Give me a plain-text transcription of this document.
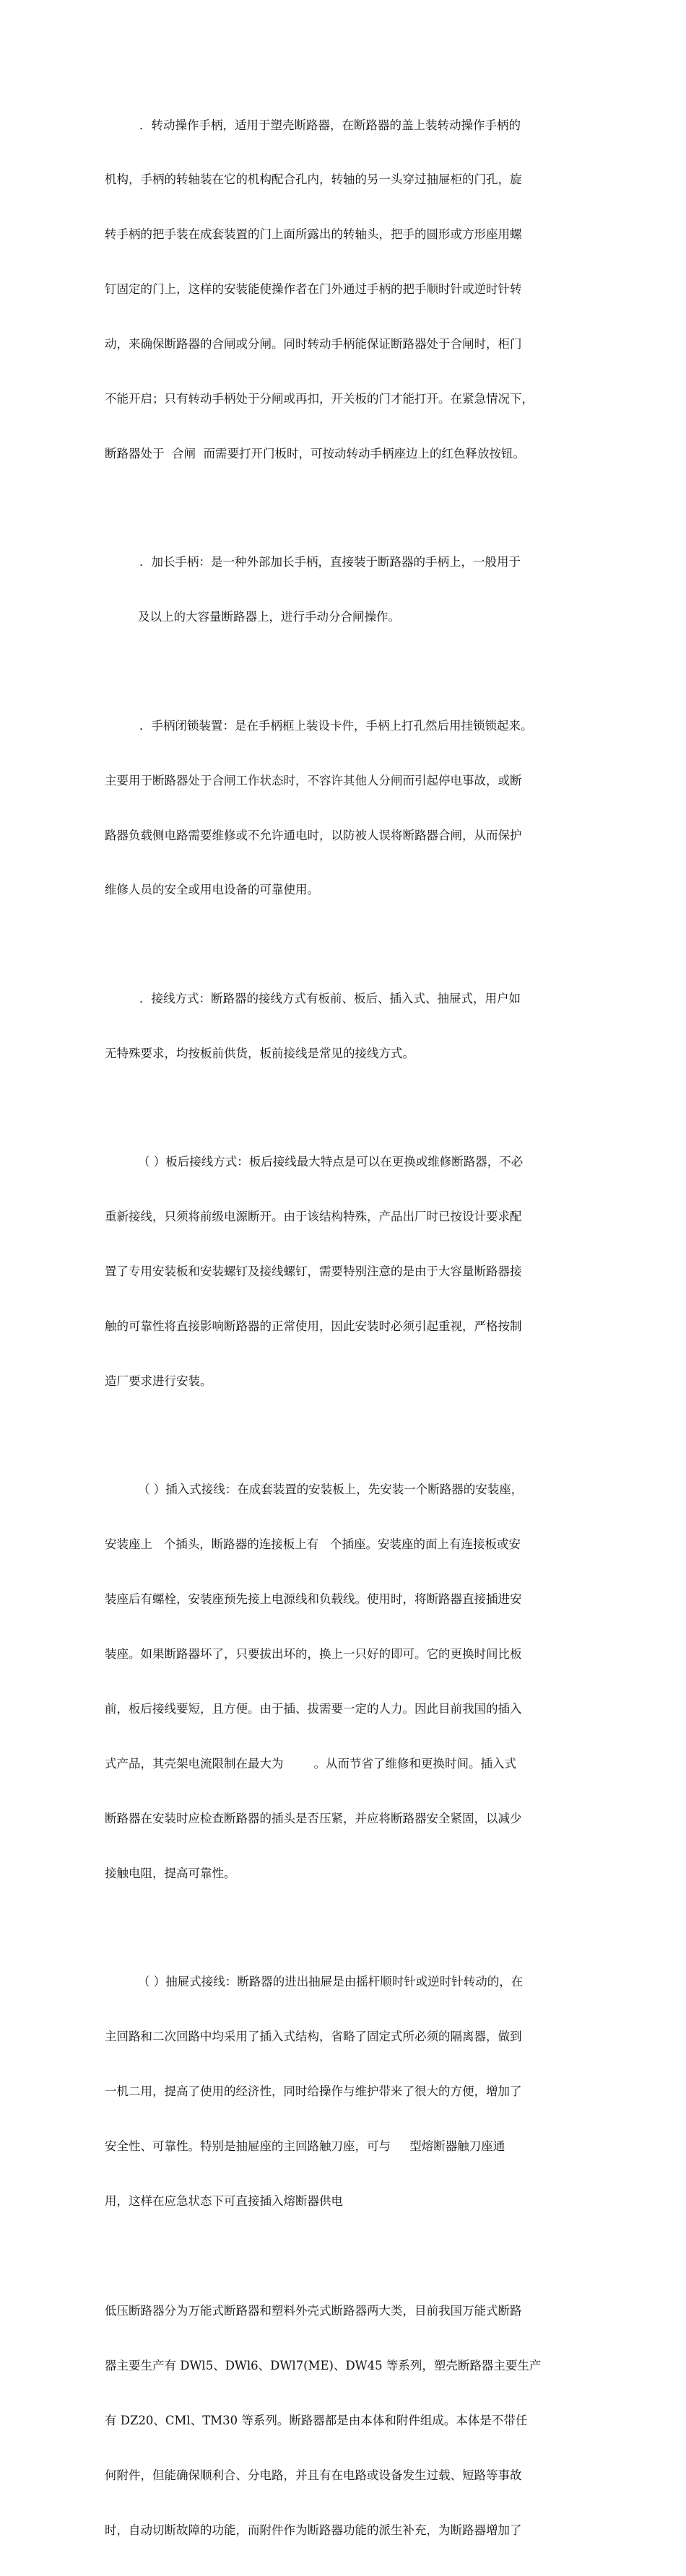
．转动操作手柄，适用于塑壳断路器，在断路器的盖上装转动操作手柄的

机构，手柄的转轴装在它的机构配合孔内，转轴的另一头穿过抽屉柜的门孔，旋

转手柄的把手装在成套装置的门上面所露出的转轴头，把手的圆形或方形座用螺

钉固定的门上，这样的安装能使操作者在门外通过手柄的把手顺时针或逆时针转

动，来确保断路器的合闸或分闸。同时转动手柄能保证断路器处于合闸时，柜门

不能开启；只有转动手柄处于分闸或再扣，开关板的门才能打开。在紧急情况下，

断路器处于  合闸  而需要打开门板时，可按动转动手柄座边上的红色释放按钮。

．加长手柄：是一种外部加长手柄，直接装于断路器的手柄上，一般用于

及以上的大容量断路器上，进行手动分合闸操作。

．手柄闭锁装置：是在手柄框上装设卡件，手柄上打孔然后用挂锁锁起来。

主要用于断路器处于合闸工作状态时，不容许其他人分闸而引起停电事故，或断

路器负载侧电路需要维修或不允许通电时，以防被人误将断路器合闸，从而保护

维修人员的安全或用电设备的可靠使用。

．接线方式：断路器的接线方式有板前、板后、插入式、抽屉式，用户如

无特殊要求，均按板前供货，板前接线是常见的接线方式。

（ ）板后接线方式：板后接线最大特点是可以在更换或维修断路器，不必

重新接线，只须将前级电源断开。由于该结构特殊，产品出厂时已按设计要求配

置了专用安装板和安装螺钉及接线螺钉，需要特别注意的是由于大容量断路器接

触的可靠性将直接影响断路器的正常使用，因此安装时必须引起重视，严格按制

造厂要求进行安装。

（ ）插入式接线：在成套装置的安装板上，先安装一个断路器的安装座，

安装座上   个插头，断路器的连接板上有   个插座。安装座的面上有连接板或安

装座后有螺栓，安装座预先接上电源线和负载线。使用时，将断路器直接插进安

装座。如果断路器坏了，只要拔出坏的，换上一只好的即可。它的更换时间比板

前，板后接线要短，且方便。由于插、拔需要一定的人力。因此目前我国的插入

式产品，其壳架电流限制在最大为        。从而节省了维修和更换时间。插入式

断路器在安装时应检查断路器的插头是否压紧，并应将断路器安全紧固，以减少

接触电阻，提高可靠性。

（ ）抽屉式接线：断路器的进出抽屉是由摇杆顺时针或逆时针转动的，在

主回路和二次回路中均采用了插入式结构，省略了固定式所必须的隔离器，做到

一机二用，提高了使用的经济性，同时给操作与维护带来了很大的方便，增加了

安全性、可靠性。特别是抽屉座的主回路触刀座，可与     型熔断器触刀座通

用，这样在应急状态下可直接插入熔断器供电

低压断路器分为万能式断路器和塑料外壳式断路器两大类，目前我国万能式断路

器主要生产有 DWl5、DWl6、DWl7(ME)、DW45 等系列，塑壳断路器主要生产

有 DZ20、CMl、TM30 等系列。断路器都是由本体和附件组成。本体是不带任

何附件，但能确保顺利合、分电路，并且有在电路或设备发生过载、短路等事故

时，自动切断故障的功能，而附件作为断路器功能的派生补充，为断路器增加了
